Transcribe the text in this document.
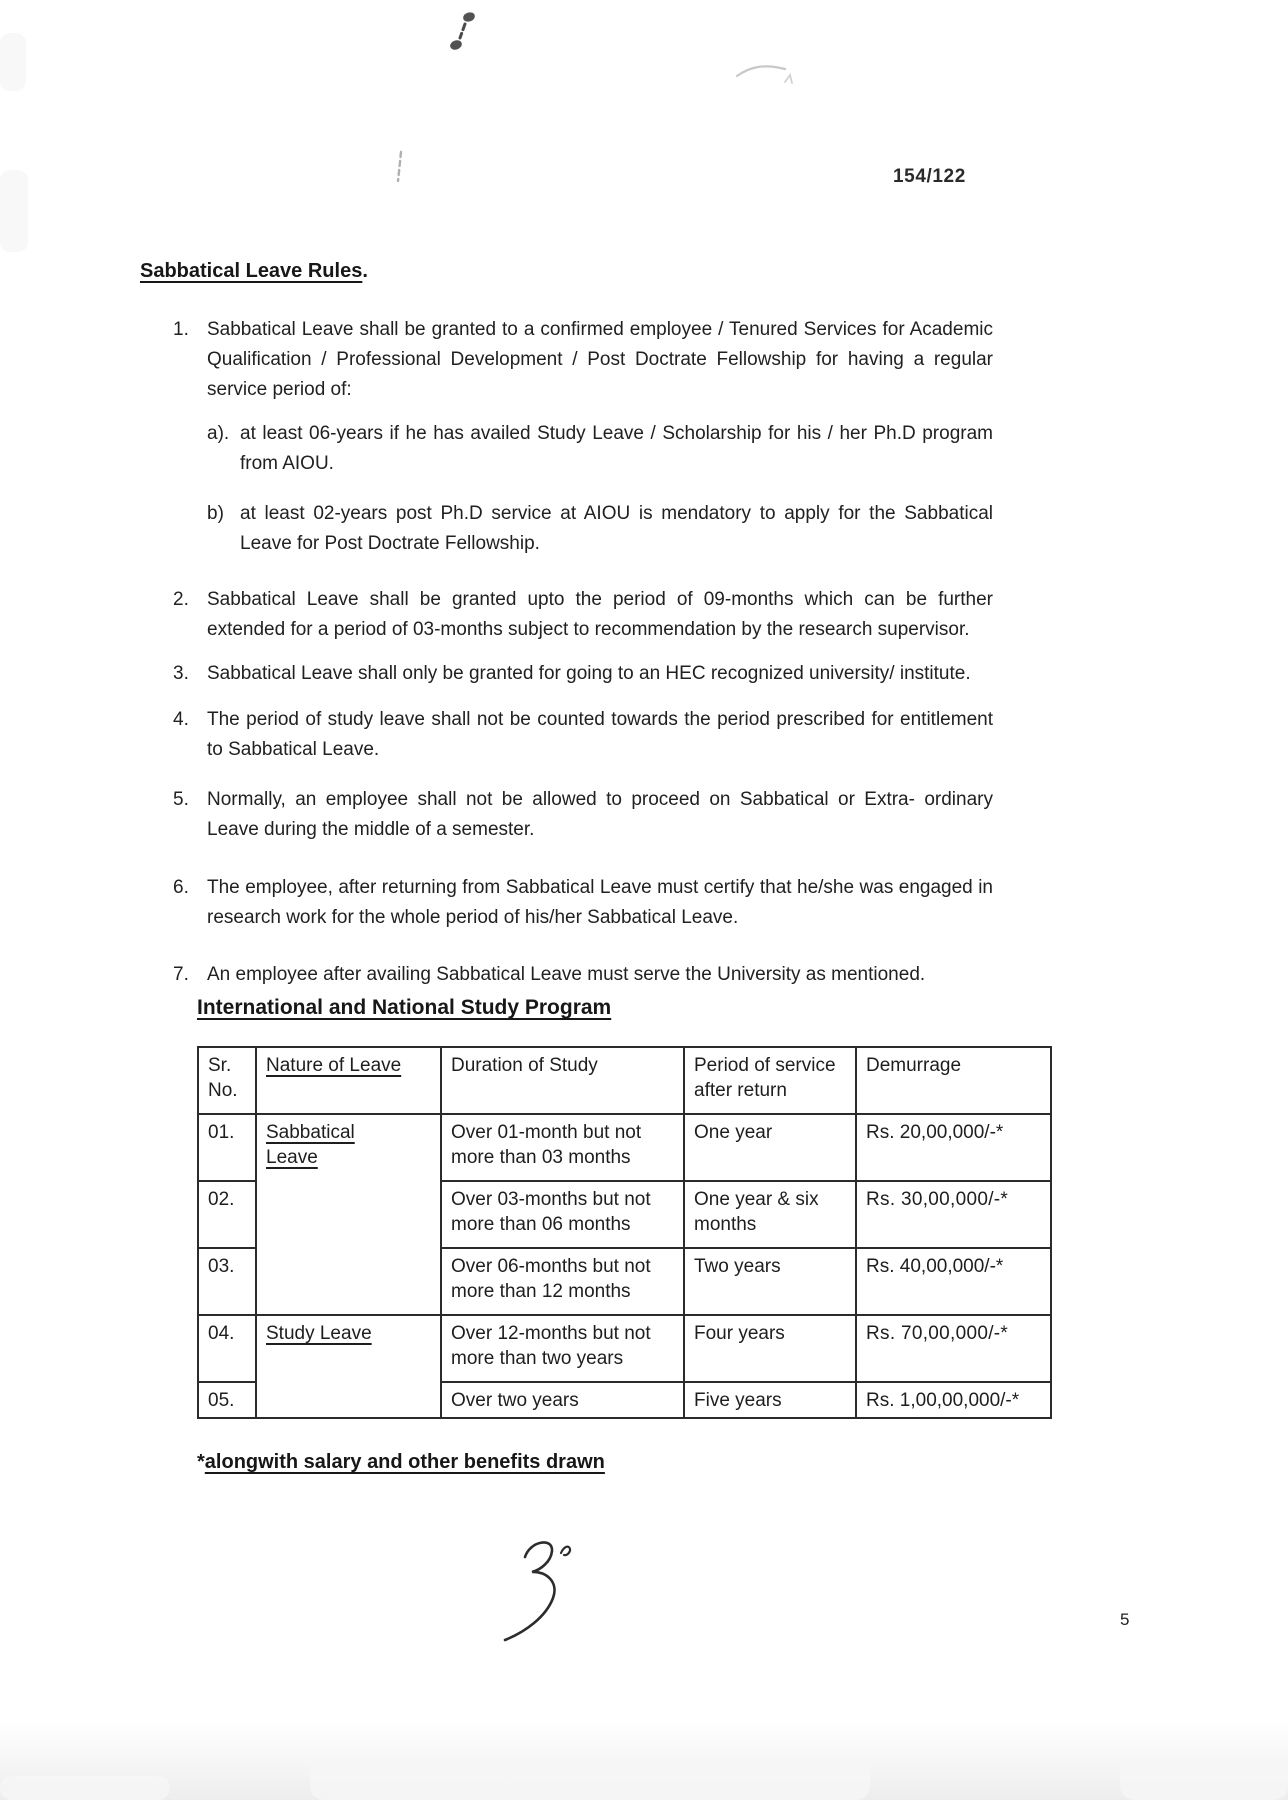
154/122
Sabbatical Leave Rules.
1. Sabbatical Leave shall be granted to a confirmed employee / Tenured Services for Academic Qualification / Professional Development / Post Doctrate Fellowship for having a regular service period of:
a). at least 06-years if he has availed Study Leave / Scholarship for his / her Ph.D program from AIOU.
b) at least 02-years post Ph.D service at AIOU is mendatory to apply for the Sabbatical Leave for Post Doctrate Fellowship.
2. Sabbatical Leave shall be granted upto the period of 09-months which can be further extended for a period of 03-months subject to recommendation by the research supervisor.
3. Sabbatical Leave shall only be granted for going to an HEC recognized university/ institute.
4. The period of study leave shall not be counted towards the period prescribed for entitlement to Sabbatical Leave.
5. Normally, an employee shall not be allowed to proceed on Sabbatical or Extra- ordinary Leave during the middle of a semester.
6. The employee, after returning from Sabbatical Leave must certify that he/she was engaged in research work for the whole period of his/her Sabbatical Leave.
7. An employee after availing Sabbatical Leave must serve the University as mentioned.
International and National Study Program
Sr. No.	Nature of Leave	Duration of Study	Period of service after return	Demurrage
01.	Sabbatical Leave	Over 01-month but not more than 03 months	One year	Rs. 20,00,000/-*
02.		Over 03-months but not more than 06 months	One year & six months	Rs. 30,00,000/-*
03.		Over 06-months but not more than 12 months	Two years	Rs. 40,00,000/-*
04.	Study Leave	Over 12-months but not more than two years	Four years	Rs. 70,00,000/-*
05.		Over two years	Five years	Rs. 1,00,00,000/-*
*alongwith salary and other benefits drawn
5
